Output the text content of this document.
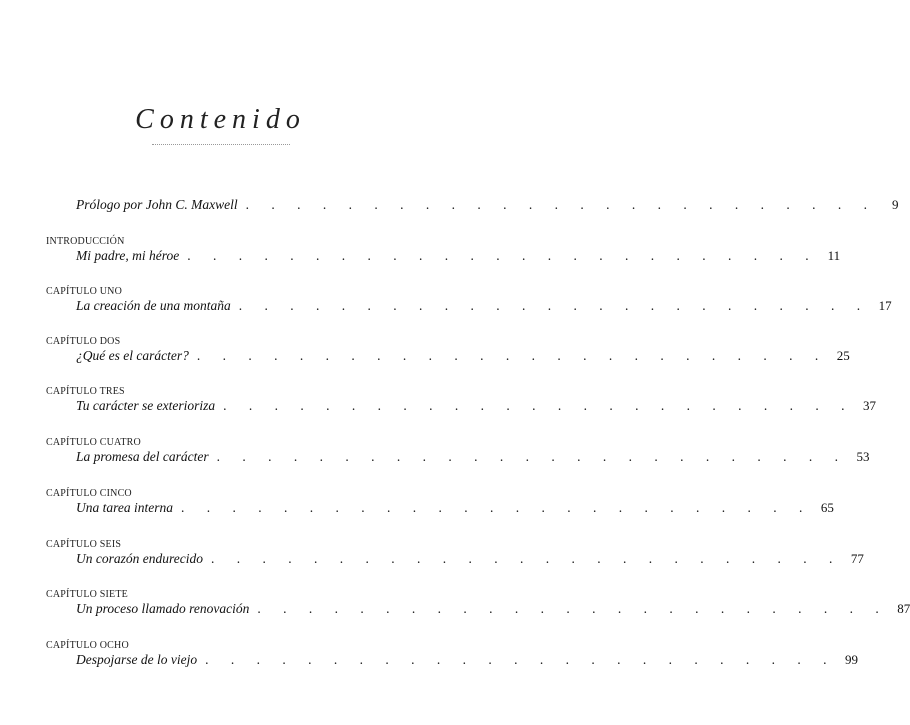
Contenido
Prólogo por John C. Maxwell . . . . . . . . . . . . . . . . . . . . . . . . .	9
INTRODUCCIÓN
Mi padre, mi héroe . . . . . . . . . . . . . . . . . . . . . . . . . 11
CAPÍTULO UNO
La creación de una montaña . . . . . . . . . . . . . . . . . . . . . . . . . 17
CAPÍTULO DOS
¿Qué es el carácter? . . . . . . . . . . . . . . . . . . . . . . . . . 25
CAPÍTULO TRES
Tu carácter se exterioriza . . . . . . . . . . . . . . . . . . . . . . . . . 37
CAPÍTULO CUATRO
La promesa del carácter . . . . . . . . . . . . . . . . . . . . . . . . . 53
CAPÍTULO CINCO
Una tarea interna . . . . . . . . . . . . . . . . . . . . . . . . . 65
CAPÍTULO SEIS
Un corazón endurecido . . . . . . . . . . . . . . . . . . . . . . . . . 77
CAPÍTULO SIETE
Un proceso llamado renovación . . . . . . . . . . . . . . . . . . . . . . . . . 87
CAPÍTULO OCHO
Despojarse de lo viejo . . . . . . . . . . . . . . . . . . . . . . . . . 99
